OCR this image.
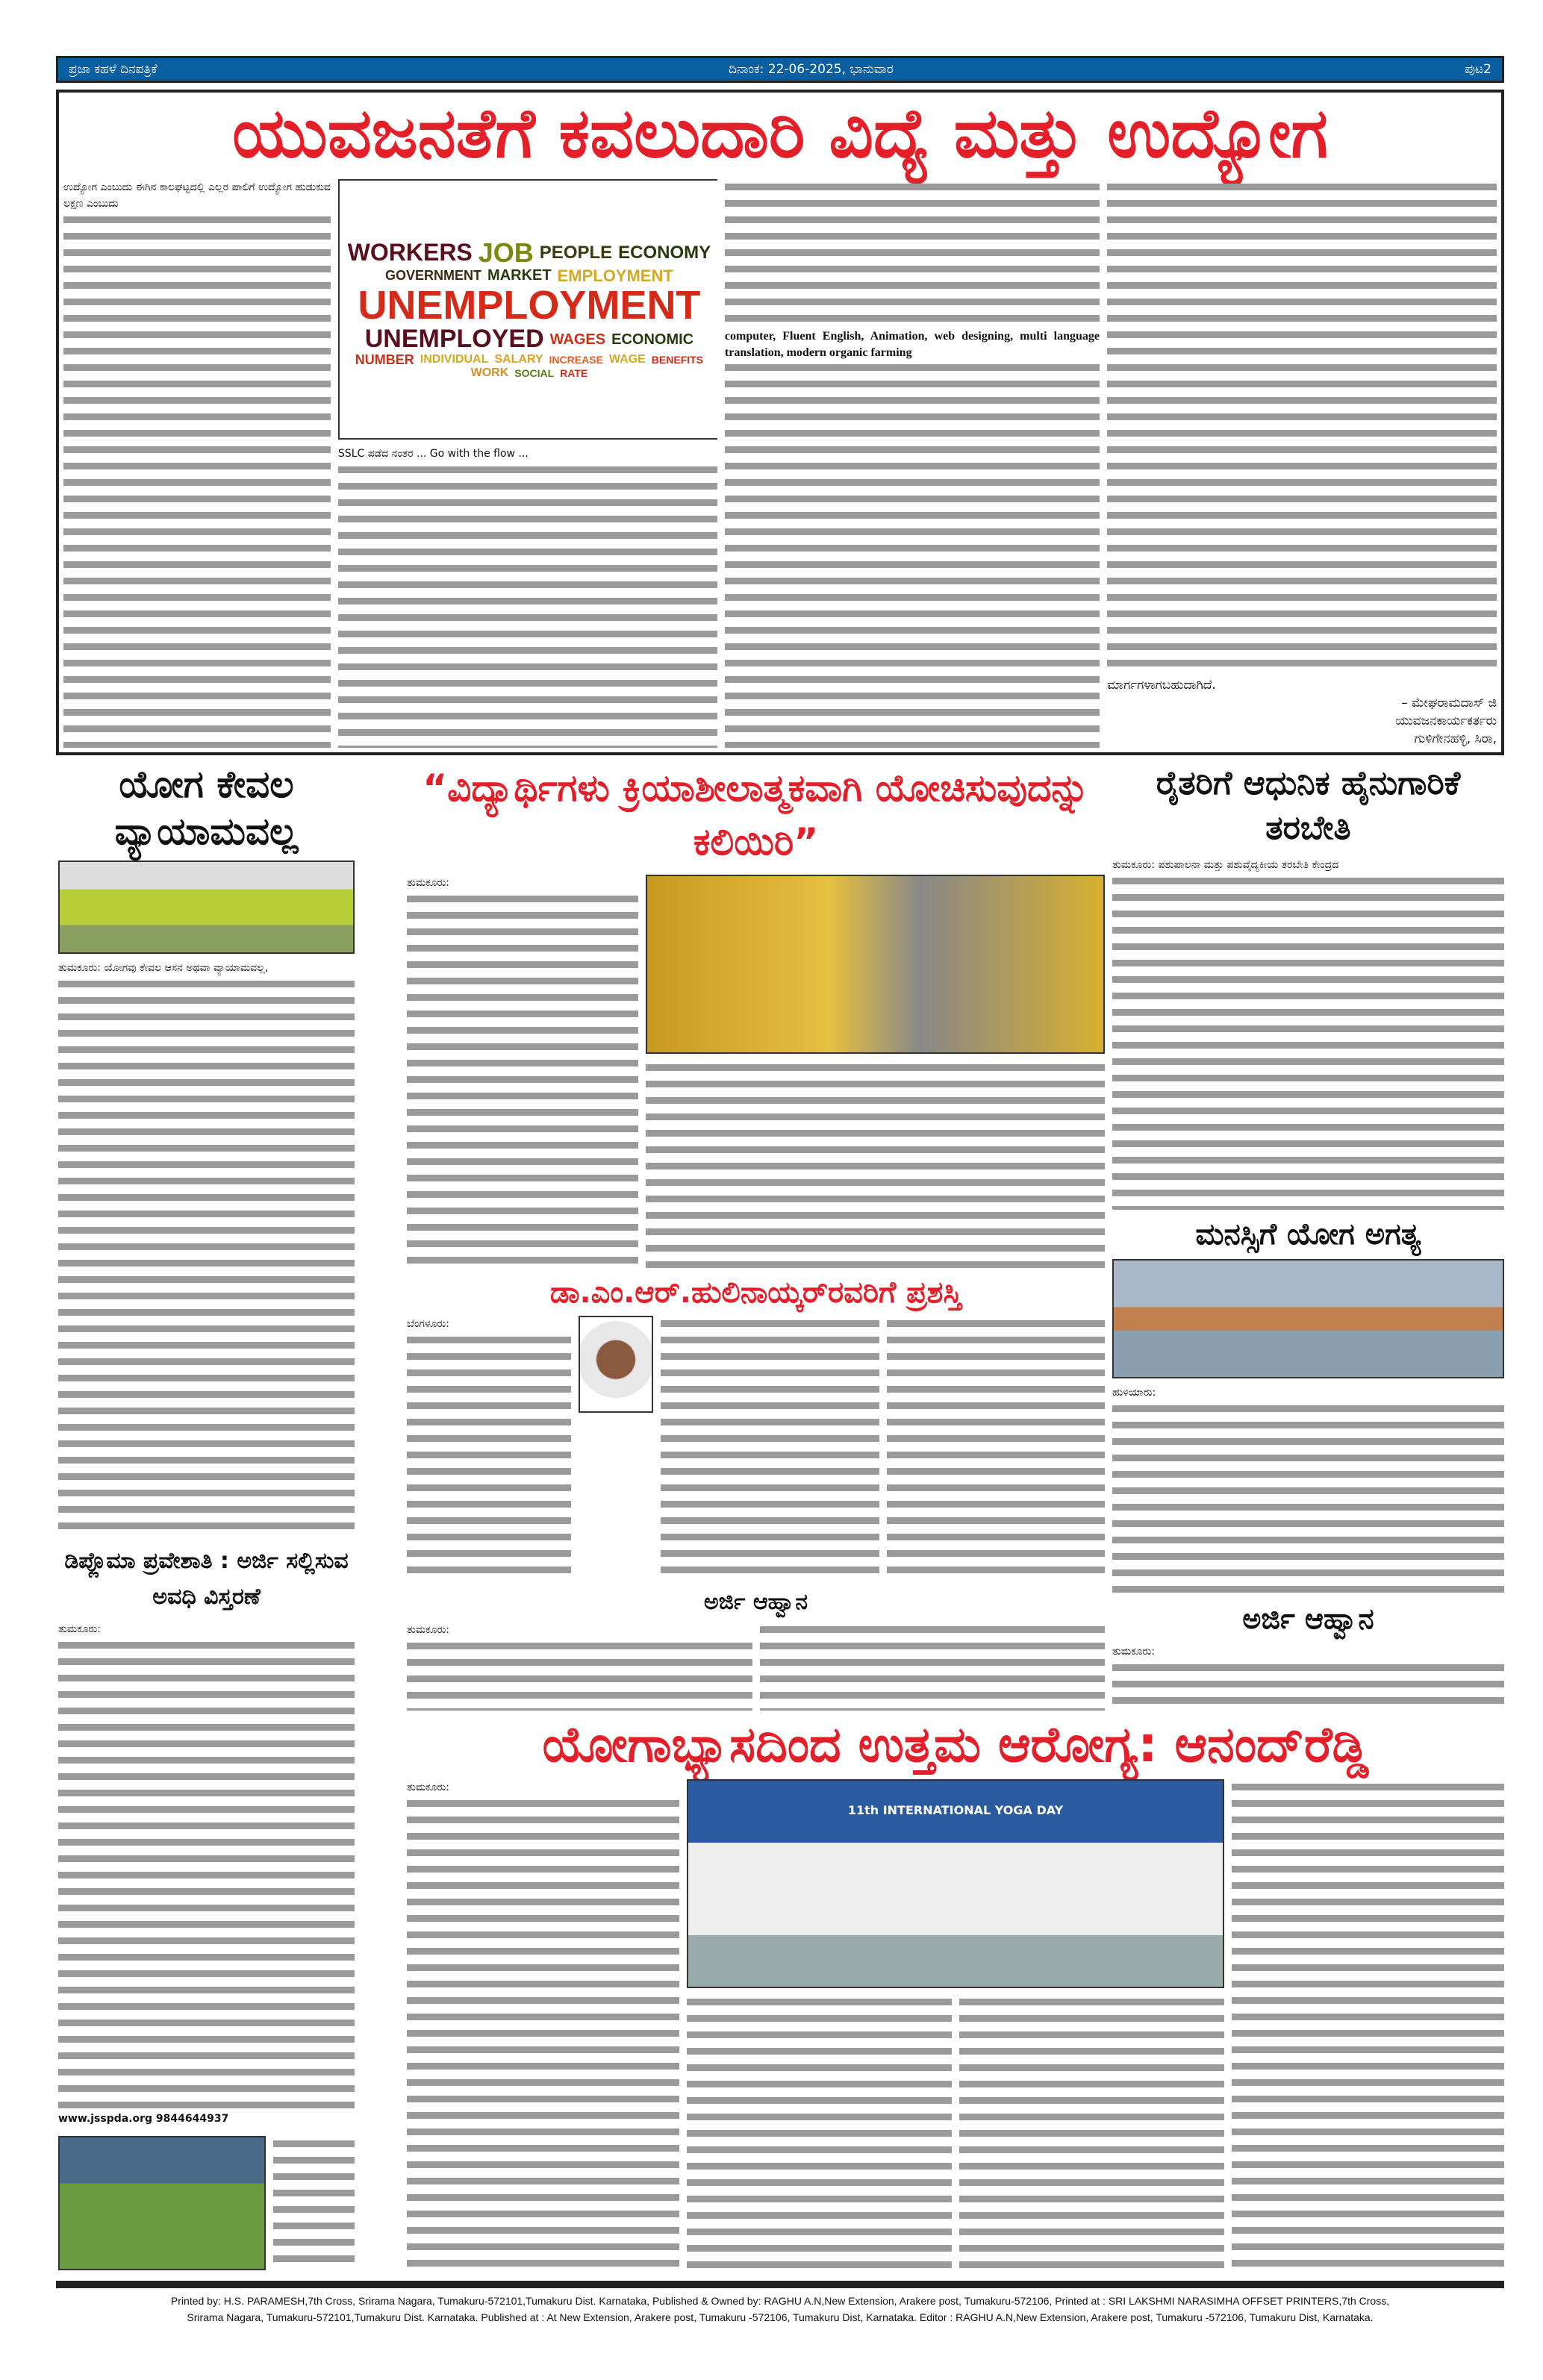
ಪ್ರಜಾ ಕಹಳೆ ದಿನಪತ್ರಿಕೆ	ದಿನಾಂಕ: 22-06-2025, ಭಾನುವಾರ	ಪುಟ2
ಯುವಜನತೆಗೆ ಕವಲುದಾರಿ ವಿದ್ಯೆ ಮತ್ತು ಉದ್ಯೋಗ

ಉದ್ಯೋಗ ಎಂಬುದು ಈಗಿನ ಕಾಲಘಟ್ಟದಲ್ಲಿ ಎಲ್ಲರ ಪಾಲಿಗೆ ಉದ್ಯೋಗ ಹುಡುಕುವ ಲಕ್ಷಣ ಎಂಬುದು

WORKERS JOB PEOPLE ECONOMY
GOVERNMENT MARKET EMPLOYMENT
UNEMPLOYMENT
UNEMPLOYED WAGES ECONOMIC
NUMBER INDIVIDUAL SALARY INCREASE WAGE BENEFITS
WORK SOCIAL RATE

SSLC ಪಡೆದ ನಂತರ ... Go with the flow ...

computer, Fluent English, Animation, web designing, multi language translation, modern organic farming

ಮಾರ್ಗಗಳಾಗಬಹುದಾಗಿದೆ.
– ಮೇಘರಾಮದಾಸ್ ಜಿ
ಯುವಜನಕಾರ್ಯಕರ್ತರು
ಗುಳಿಗೇನಹಳ್ಳಿ, ಸಿರಾ,
ಯೋಗ ಕೇವಲ ವ್ಯಾಯಾಮವಲ್ಲ

ತುಮಕೂರು: ಯೋಗವು ಕೇವಲ ಆಸನ ಅಥವಾ ವ್ಯಾಯಾಮವಲ್ಲ,

ಡಿಪ್ಲೊಮಾ ಪ್ರವೇಶಾತಿ : ಅರ್ಜಿ ಸಲ್ಲಿಸುವ ಅವಧಿ ವಿಸ್ತರಣೆ

ತುಮಕೂರು:

www.jsspda.org 9844644937

“ವಿದ್ಯಾರ್ಥಿಗಳು ಕ್ರಿಯಾಶೀಲಾತ್ಮಕವಾಗಿ ಯೋಚಿಸುವುದನ್ನು ಕಲಿಯಿರಿ”

ತುಮಕೂರು:

ಡಾ.ಎಂ.ಆರ್.ಹುಲಿನಾಯ್ಕರ್‌ರವರಿಗೆ ಪ್ರಶಸ್ತಿ

ಬೆಂಗಳೂರು:

ಅರ್ಜಿ ಆಹ್ವಾನ

ತುಮಕೂರು:

ರೈತರಿಗೆ ಆಧುನಿಕ ಹೈನುಗಾರಿಕೆ ತರಬೇತಿ

ತುಮಕೂರು: ಪಶುಪಾಲನಾ ಮತ್ತು ಪಶುವೈದ್ಯಕೀಯ ತರಬೇತಿ ಕೇಂದ್ರದ

ಮನಸ್ಸಿಗೆ ಯೋಗ ಅಗತ್ಯ

ಹುಳಿಯಾರು:

ಅರ್ಜಿ ಆಹ್ವಾನ

ತುಮಕೂರು:

ಯೋಗಾಭ್ಯಾಸದಿಂದ ಉತ್ತಮ ಆರೋಗ್ಯ: ಆನಂದ್‌ರೆಡ್ಡಿ

ತುಮಕೂರು:

11th INTERNATIONAL YOGA DAY
Printed by: H.S. PARAMESH,7th Cross, Srirama Nagara, Tumakuru-572101,Tumakuru Dist. Karnataka, Published & Owned by: RAGHU A.N,New Extension, Arakere post, Tumakuru-572106, Printed at : SRI LAKSHMI NARASIMHA OFFSET PRINTERS,7th Cross,
Srirama Nagara, Tumakuru-572101,Tumakuru Dist. Karnataka. Published at : At New Extension, Arakere post, Tumakuru -572106, Tumakuru Dist, Karnataka. Editor : RAGHU A.N,New Extension, Arakere post, Tumakuru -572106, Tumakuru Dist, Karnataka.
